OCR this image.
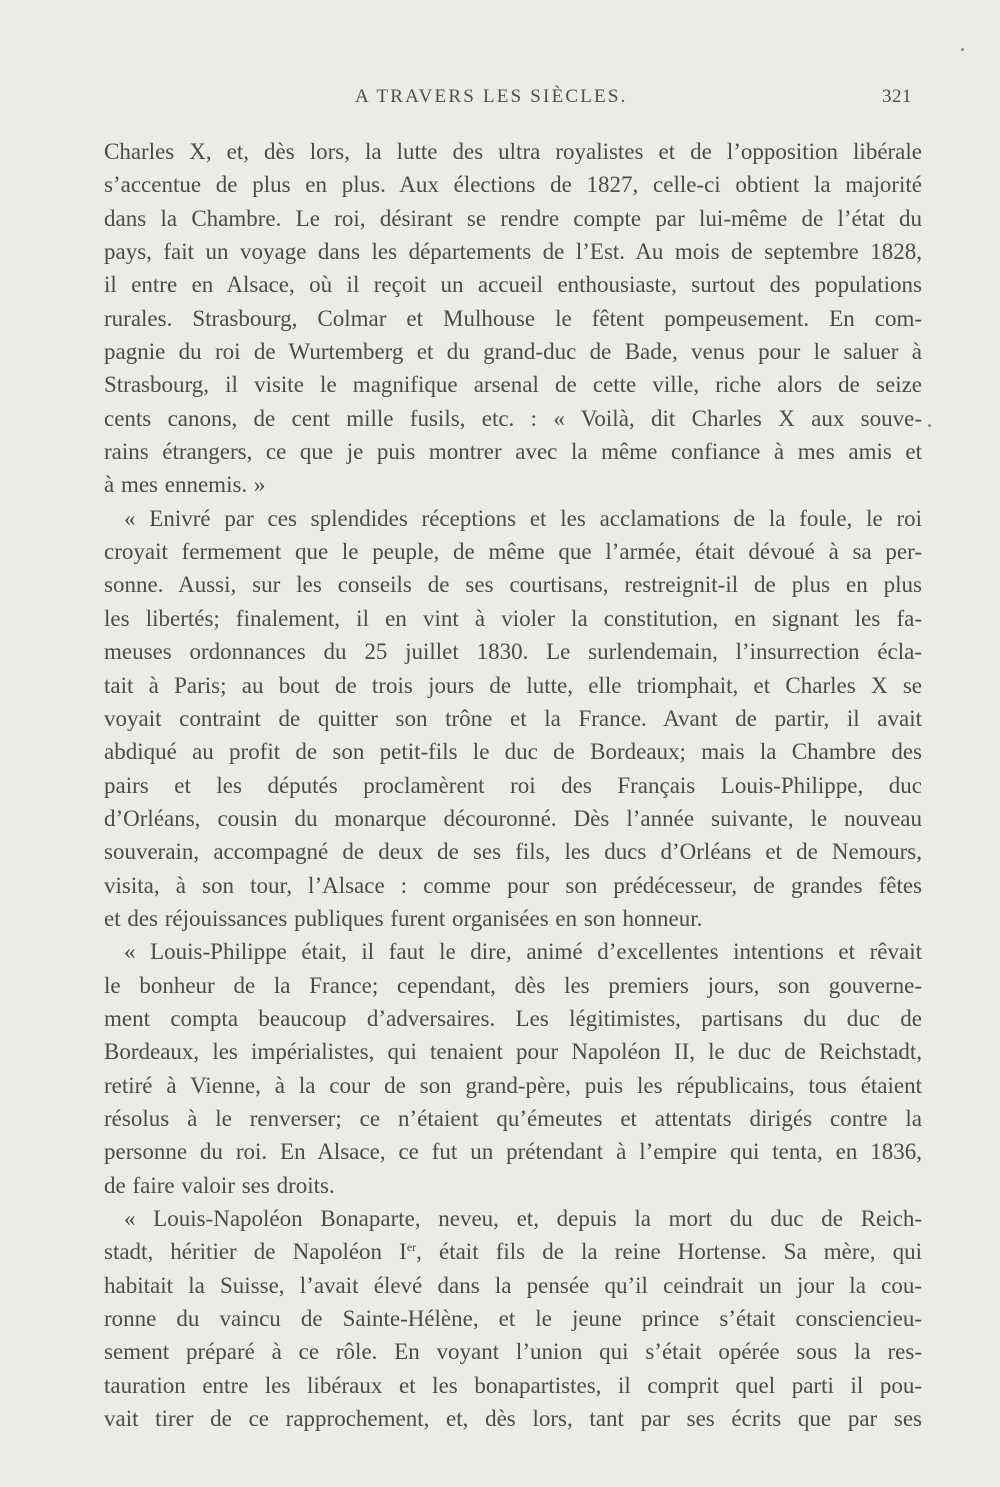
A TRAVERS LES SIÈCLES.	321
Charles X, et, dès lors, la lutte des ultra royalistes et de l’opposition libérale
s’accentue de plus en plus. Aux élections de 1827, celle-ci obtient la majorité
dans la Chambre. Le roi, désirant se rendre compte par lui-même de l’état du
pays, fait un voyage dans les départements de l’Est. Au mois de septembre 1828,
il entre en Alsace, où il reçoit un accueil enthousiaste, surtout des populations
rurales. Strasbourg, Colmar et Mulhouse le fêtent pompeusement. En com-
pagnie du roi de Wurtemberg et du grand-duc de Bade, venus pour le saluer à
Strasbourg, il visite le magnifique arsenal de cette ville, riche alors de seize
cents canons, de cent mille fusils, etc. : « Voilà, dit Charles X aux souve-
rains étrangers, ce que je puis montrer avec la même confiance à mes amis et
à mes ennemis. »
« Enivré par ces splendides réceptions et les acclamations de la foule, le roi
croyait fermement que le peuple, de même que l’armée, était dévoué à sa per-
sonne. Aussi, sur les conseils de ses courtisans, restreignit-il de plus en plus
les libertés; finalement, il en vint à violer la constitution, en signant les fa-
meuses ordonnances du 25 juillet 1830. Le surlendemain, l’insurrection écla-
tait à Paris; au bout de trois jours de lutte, elle triomphait, et Charles X se
voyait contraint de quitter son trône et la France. Avant de partir, il avait
abdiqué au profit de son petit-fils le duc de Bordeaux; mais la Chambre des
pairs et les députés proclamèrent roi des Français Louis-Philippe, duc
d’Orléans, cousin du monarque découronné. Dès l’année suivante, le nouveau
souverain, accompagné de deux de ses fils, les ducs d’Orléans et de Nemours,
visita, à son tour, l’Alsace : comme pour son prédécesseur, de grandes fêtes
et des réjouissances publiques furent organisées en son honneur.
« Louis-Philippe était, il faut le dire, animé d’excellentes intentions et rêvait
le bonheur de la France; cependant, dès les premiers jours, son gouverne-
ment compta beaucoup d’adversaires. Les légitimistes, partisans du duc de
Bordeaux, les impérialistes, qui tenaient pour Napoléon II, le duc de Reichstadt,
retiré à Vienne, à la cour de son grand-père, puis les républicains, tous étaient
résolus à le renverser; ce n’étaient qu’émeutes et attentats dirigés contre la
personne du roi. En Alsace, ce fut un prétendant à l’empire qui tenta, en 1836,
de faire valoir ses droits.
« Louis-Napoléon Bonaparte, neveu, et, depuis la mort du duc de Reich-
stadt, héritier de Napoléon Ier, était fils de la reine Hortense. Sa mère, qui
habitait la Suisse, l’avait élevé dans la pensée qu’il ceindrait un jour la cou-
ronne du vaincu de Sainte-Hélène, et le jeune prince s’était consciencieu-
sement préparé à ce rôle. En voyant l’union qui s’était opérée sous la res-
tauration entre les libéraux et les bonapartistes, il comprit quel parti il pou-
vait tirer de ce rapprochement, et, dès lors, tant par ses écrits que par ses
